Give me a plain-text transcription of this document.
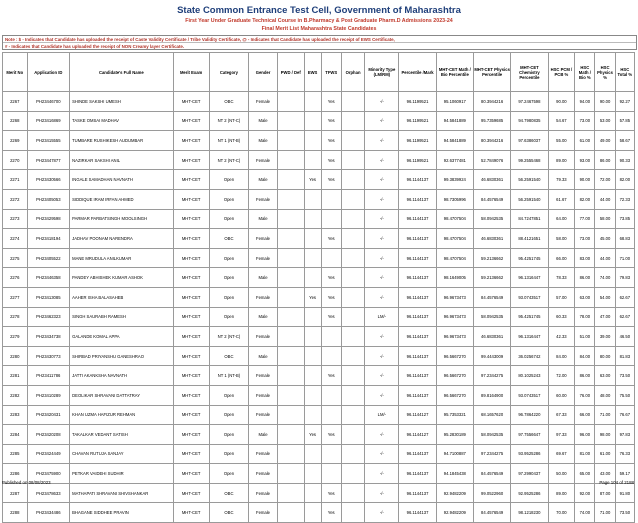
State Common Entrance Test Cell, Government of Maharashtra
First Year Under Graduate Technical Course in B.Pharmacy & Post Graduate Pharm.D Admissions 2023-24
Final Merit List Maharashtra State Candidates
Note : $ - Indicates that Candidate has uploaded the receipt of Caste Validity Certificate / Tribe Validity Certificate, @ - Indicates that Candidate has uploaded the receipt of EWS Certificate,
# - Indicates that Candidate has uploaded the receipt of NON Creamy layer Certificate.
Merit No	Application ID	Candidate's Full Name	Merit Exam	Category	Gender	PWD / Def	EWS	TFWS	Orphan	Minority Type (LM/RM)	Percentile /Mark	MHT-CET Math / Bio Percentile	MHT-CET Physics Percentile	MHT-CET Chemistry Percentile	HSC PCM / PCB %	HSC Math / Bio %	HSC Physics %	HSC Total %
2267	PH23446700	SHINDE SAKSHI UMESH	MHT-CET	OBC	Female			Yes		-/-	96.1199521	95.1060917	80.3944216	97.2467598	90.00	94.00	90.00	92.27
2268	PH23416869	TASKE OMSAI MADHAV	MHT-CET	NT 2 (NT-C)	Male			Yes		-/-	96.1199521	94.5841889	95.7359685	94.7980835	54.67	73.00	53.00	57.85
2269	PH23415555	TUMBARE RUSHIKESH AUDUMBAR	MHT-CET	NT 1 (NT-B)	Male			Yes		-/-	96.1199521	94.5841889	80.3944216	97.6386037	55.00	61.00	49.00	58.67
2270	PH23447877	NAZIRKAR SAKSHI ANIL	MHT-CET	NT 2 (NT-C)	Female			Yes		-/-	96.1199521	92.6377481	52.7849076	99.2555468	89.00	93.00	86.00	90.33
2271	PH23430566	INGALE SAMADHAN NAVNATH	MHT-CET	Open	Male		Yes	Yes		-/-	96.1144137	99.3839924	46.6830361	56.2591540	79.33	90.00	72.00	82.00
2272	PH23405053	SIDDIQUE IRAM IRFAN AHMED	MHT-CET	Open	Female					-/-	96.1144137	98.7305996	84.4576549	56.2591540	61.67	82.00	44.00	72.33
2273	PH23429598	PARMAR PARBATSINGH MOOLSINGH	MHT-CET	Open	Male					-/-	96.1144137	98.4707504	58.0942535	84.7247851	64.00	77.00	58.00	73.85
2274	PH23418194	JADHAV POONAM NARENDRA	MHT-CET	OBC	Female			Yes		-/-	96.1144137	98.4707504	46.6830361	88.4121651	58.00	73.00	45.00	68.83
2275	PH23405522	MANE MRUDULA ANILKUMAR	MHT-CET	Open	Female					-/-	96.1144137	98.4707504	59.2136662	95.4251745	66.00	83.00	44.00	71.00
2276	PH23446358	PANDEY ABHISHEK KUMAR ASHOK	MHT-CET	Open	Male			Yes		-/-	96.1144137	98.1649005	59.2136662	96.1316447	78.33	86.00	74.00	79.83
2277	PH23413085	AAHER ISHA BALASAHEB	MHT-CET	Open	Female		Yes	Yes		-/-	96.1144137	96.9673473	84.4576549	93.0743517	57.00	63.00	54.00	62.67
2278	PH23462323	SINGH SAURABH RAMESH	MHT-CET	Open	Male			Yes		LM/-	96.1144137	96.9673473	58.0942535	95.4251745	60.33	78.00	47.00	62.67
2279	PH23434738	GALANDE KOMAL APPA	MHT-CET	NT 2 (NT-C)	Female					-/-	96.1144137	96.9673473	46.6830361	96.1316447	42.33	51.00	39.00	46.50
2280	PH23430773	SHIRBAD PRIYANSHU GANESHRAO	MHT-CET	OBC	Male					-/-	96.1144137	96.5667270	99.4443009	36.0256742	84.00	84.00	80.00	81.83
2281	PH23411786	JATTI AKANKSHA NAVNATH	MHT-CET	NT 1 (NT-B)	Female			Yes		-/-	96.1144137	96.5667270	97.2344275	80.1025243	72.00	86.00	63.00	73.50
2282	PH23410289	DEOLIKAR SHRAVANI DATTATRAY	MHT-CET	Open	Female					-/-	96.1144137	96.5667270	89.8164900	93.0743517	60.00	76.00	48.00	75.50
2283	PH23420431	KHAN UZMA HAFIZUR REHMAN	MHT-CET	Open	Female					LM/-	96.1144127	95.7353321	68.1657620	96.7864220	67.33	66.00	71.00	76.67
2284	PH23420208	TAKALKAR VEDANT SATISH	MHT-CET	Open	Male		Yes	Yes		-/-	96.1144127	95.2830189	58.0942535	97.7556647	97.33	96.00	98.00	97.83
2285	PH23424449	CHAVAN RUTUJA SANJAY	MHT-CET	Open	Female					-/-	96.1144137	94.7100887	97.2344275	93.9525286	69.67	81.00	61.00	76.33
2286	PH23475900	PETKAR VAIDEHI SUDHIR	MHT-CET	Open	Female					-/-	96.1144137	94.1845438	84.4576549	97.2990437	50.00	65.00	43.00	59.17
2287	PH23478633	MATHAPATI SHRAVANI SHIVSHANKAR	MHT-CET	OBC	Female			Yes		-/-	96.1144137	92.9482209	99.0522960	92.9525286	89.00	92.00	87.00	91.80
2288	PH23434486	BHAGANE SIDDHEE PRAVIN	MHT-CET	OBC	Female			Yes		-/-	96.1144137	92.9482209	84.4576549	98.1218230	70.00	74.00	71.00	73.50
Published on 08/08/2023	Page 104 of 2188
